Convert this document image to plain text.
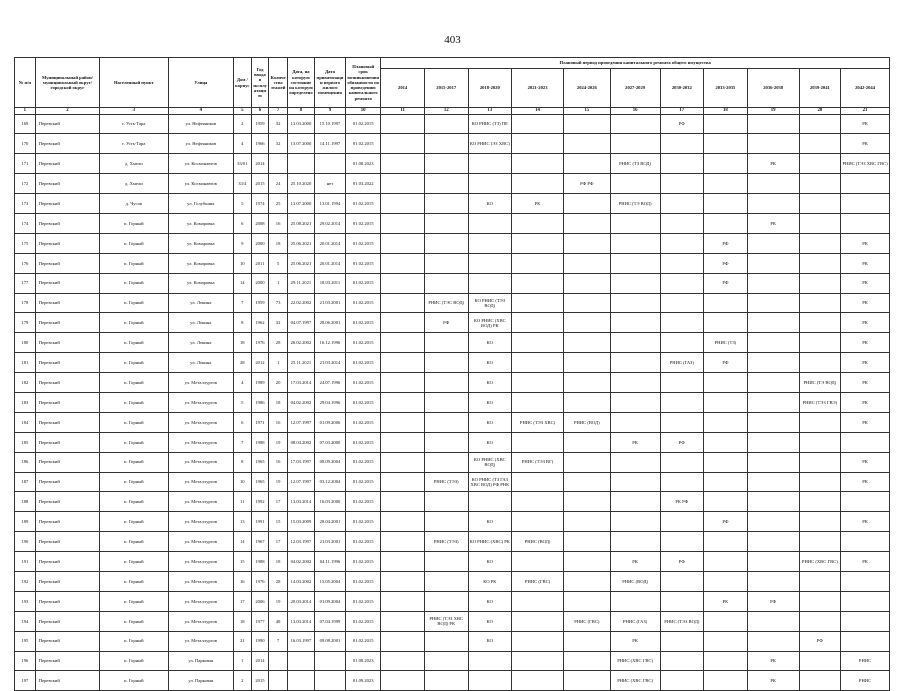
403
№ п/п	Муниципальный район/ муниципальный округ/городской округ	Населенный пункт	Улица	Дом / корпус	Год ввода в эксплуатацию	Количество этажей	Дата, на которую состояние на которую определено	Дата приватизации первого жилого помещения	Плановый срок возникновения обязанности по проведению капитального ремонта	Плановый период проведения капитального ремонта общего имущества										
										2014	2015-2017	2018-2020	2021-2023	2024-2026	2027-2029	2030-2032	2033-2035	2036-2038	2039-2041	2042-2044
1	2	3	4	5	6	7	8	9	10	11	12	13	14	15	16	17	18	19	20	21
169	Перевский	г. Усть-Тара	ул. Нефтяников	2	1959	32	13.03.2000	15.10.1997	01.02.2015			КО РНИС (ТЗ) ПЕ				РФ				РК
170	Перевский	г. Усть-Тара	ул. Нефтяников	4	1966	32	13.07.2000	14.11.1997	01.02.2015			КО РНИС (ЭЗ ХВС)								РК
171	Перевский	д. Хмели	ул. Космонавтов	33/01	2014				01.08.2023						РНИС (ТЗ ВОД)			РК		РНИС (ТЭЗ ХВС ГВС)
172	Перевский	д. Хмели	ул. Космонавтов	33/4	2015	24	25.10.2020	нет	01.03.2022					РФ РФ						
173	Перевский	д. Чусов	ул. Голубкина	5	1974	25	13.07.2000	13.01.1994	01.02.2015			КО	РК		РНИС (ТЭ ВОД)					
174	Перевский	п. Горный	ул. Комаровка	6	2008	16	25.08.2021	29.02.2014	01.02.2015									РК		
175	Перевский	п. Горный	ул. Комаровка	9	2000	18	25.06.2021	20.01.2014	01.02.2015								РФ			РК
176	Перевский	п. Горный	ул. Комаровка	10	2011	5	25.06.2021	20.01.2014	01.02.2015								РФ			РК
177	Перевский	п. Горный	ул. Комаровка	14	2000	1	29.11.2021	18.03.2011	01.02.2015								РФ			РК
178	Перевский	п. Горный	ул. Ленина	7	1959	73	22.02.2002	21.03.2001	01.02.2015		РНИС (ТЭС ВОД)	КО РНИС (ТЭЗ ВОД)								РК
179	Перевский	п. Горный	ул. Ленина	8	1962	32	04.07.1997	28.06.2001	01.02.2015		РФ	КО РНИС (ХВС ВОД) РК								РК
180	Перевский	п. Горный	ул. Ленина	18	1976	28	26.02.2002	16.12.1996	01.02.2015			КО					РНИС (ТЗ)			РК
181	Перевский	п. Горный	ул. Ленина	28	2012	1	25.11.2021	21.03.2014	01.02.2015			КО				РНИС (ГАЗ)	РФ			РК
182	Перевский	п. Горный	ул. Металлургов	4	1989	20	17.03.2014	24.07.1996	01.02.2015			КО							РНИС (ТЭ ВОД)	РК
183	Перевский	п. Горный	ул. Металлургов	5	1986	18	04.02.2002	29.04.1996	01.02.2015			КО							РНИС (ТЭЗ ГВЭ)	РК
184	Перевский	п. Горный	ул. Металлургов	6	1971	16	12.07.1997	01.09.2006	01.02.2015			КО	РНИС (ТЭЗ ХВС)	РНИС (ВОД)						РК
185	Перевский	п. Горный	ул. Металлургов	7	1988	19	08.04.2002	07.03.2000	01.02.2015			КО			РК	РФ				
186	Перевский	п. Горный	ул. Металлургов	8	1965	16	17.03.1997	08.09.2004	01.02.2015			КО РНИС (ХВС ВОД)	РНИС (ТЭЗ ВГ)							РК
187	Перевский	п. Горный	ул. Металлургов	10	1965	19	12.07.1997	03.12.2004	01.02.2015		РНИС (ТЭЗ)	КО РНИС (ТЗ ГАЗ ХВС ВОД) РФ РНК								РК
188	Перевский	п. Горный	ул. Металлургов	11	1992	17	13.03.2014	16.03.2000	01.02.2015							РК РФ				
189	Перевский	п. Горный	ул. Металлургов	13	1991	15	15.03.2009	28.04.2001	01.02.2015			КО					РФ			РК
190	Перевский	п. Горный	ул. Металлургов	14	1967	17	12.03.1997	21.03.2001	01.02.2015		РНИС (ТЭЗ)	КО РНИС (ХВС) РК	РНИС (ВОД)							
191	Перевский	п. Горный	ул. Металлургов	15	1988	18	04.02.2002	04.11.1996	01.02.2015			КО			РК	РФ			РНИС (ХВС ГВС)	РК
192	Перевский	п. Горный	ул. Металлургов	16	1976	28	14.03.2002	15.05.2004	01.02.2015			КО РК	РНИС (ГВС)		РНИС (ВОД)					
193	Перевский	п. Горный	ул. Металлургов	17	2006	19	20.03.2014	01.09.2004	01.02.2015			КО					РК	РФ		
194	Перевский	п. Горный	ул. Металлургов	18	1977	48	13.03.2014	07.04.1999	01.02.2015		РНИС (ТЭЗ ХВС ВОД) РК	КО		РНИС (ГВС)	РНИС (ГАЗ)	РНИС (ТЭЗ ВОД)				
195	Перевский	п. Горный	ул. Металлургов	21	1990	7	16.03.1997	09.08.2001	01.02.2015			КО			РК				РФ	
196	Перевский	п. Горный	ул. Парковая	1	2014				01.08.2023						РНИС (ХВС ГВС)			РК		РНИС
197	Перевский	п. Горный	ул. Парковая	2	2015				01.09.2023						РНИС (ХВС ГВС)			РК		РНИС
